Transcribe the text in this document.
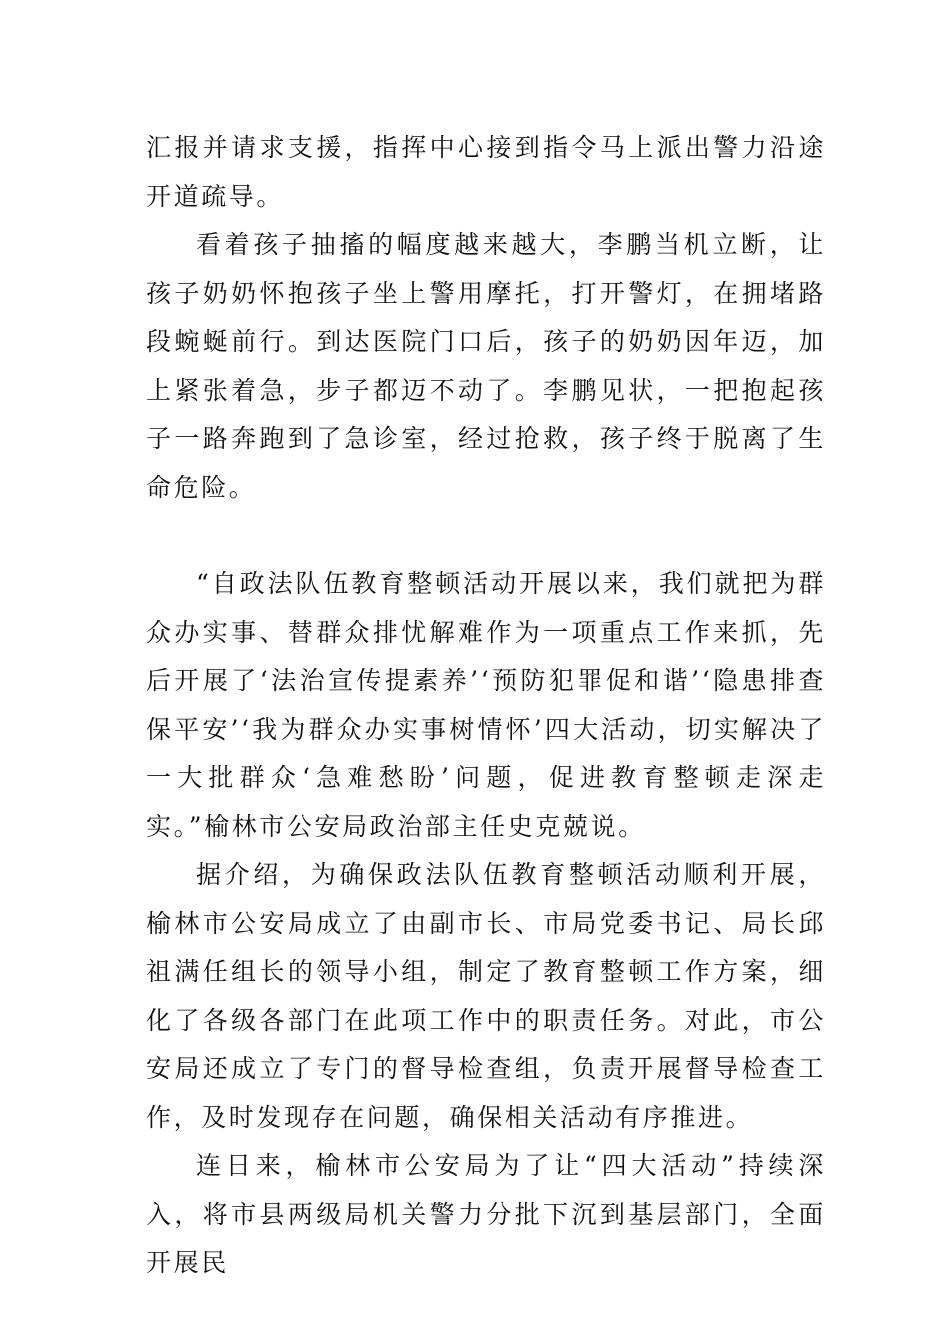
汇报并请求支援，指挥中心接到指令马上派出警力沿途开道疏导。

看着孩子抽搐的幅度越来越大，李鹏当机立断，让孩子奶奶怀抱孩子坐上警用摩托，打开警灯，在拥堵路段蜿蜒前行。到达医院门口后，孩子的奶奶因年迈，加上紧张着急，步子都迈不动了。李鹏见状，一把抱起孩子一路奔跑到了急诊室，经过抢救，孩子终于脱离了生命危险。

“自政法队伍教育整顿活动开展以来，我们就把为群众办实事、替群众排忧解难作为一项重点工作来抓，先后开展了‘法治宣传提素养’‘预防犯罪促和谐’‘隐患排查保平安’‘我为群众办实事树情怀’四大活动，切实解决了一大批群众‘急难愁盼’问题，促进教育整顿走深走实。”榆林市公安局政治部主任史克兢说。

据介绍，为确保政法队伍教育整顿活动顺利开展，榆林市公安局成立了由副市长、市局党委书记、局长邱祖满任组长的领导小组，制定了教育整顿工作方案，细化了各级各部门在此项工作中的职责任务。对此，市公安局还成立了专门的督导检查组，负责开展督导检查工作，及时发现存在问题，确保相关活动有序推进。

连日来，榆林市公安局为了让“四大活动”持续深入，将市县两级局机关警力分批下沉到基层部门，全面开展民
